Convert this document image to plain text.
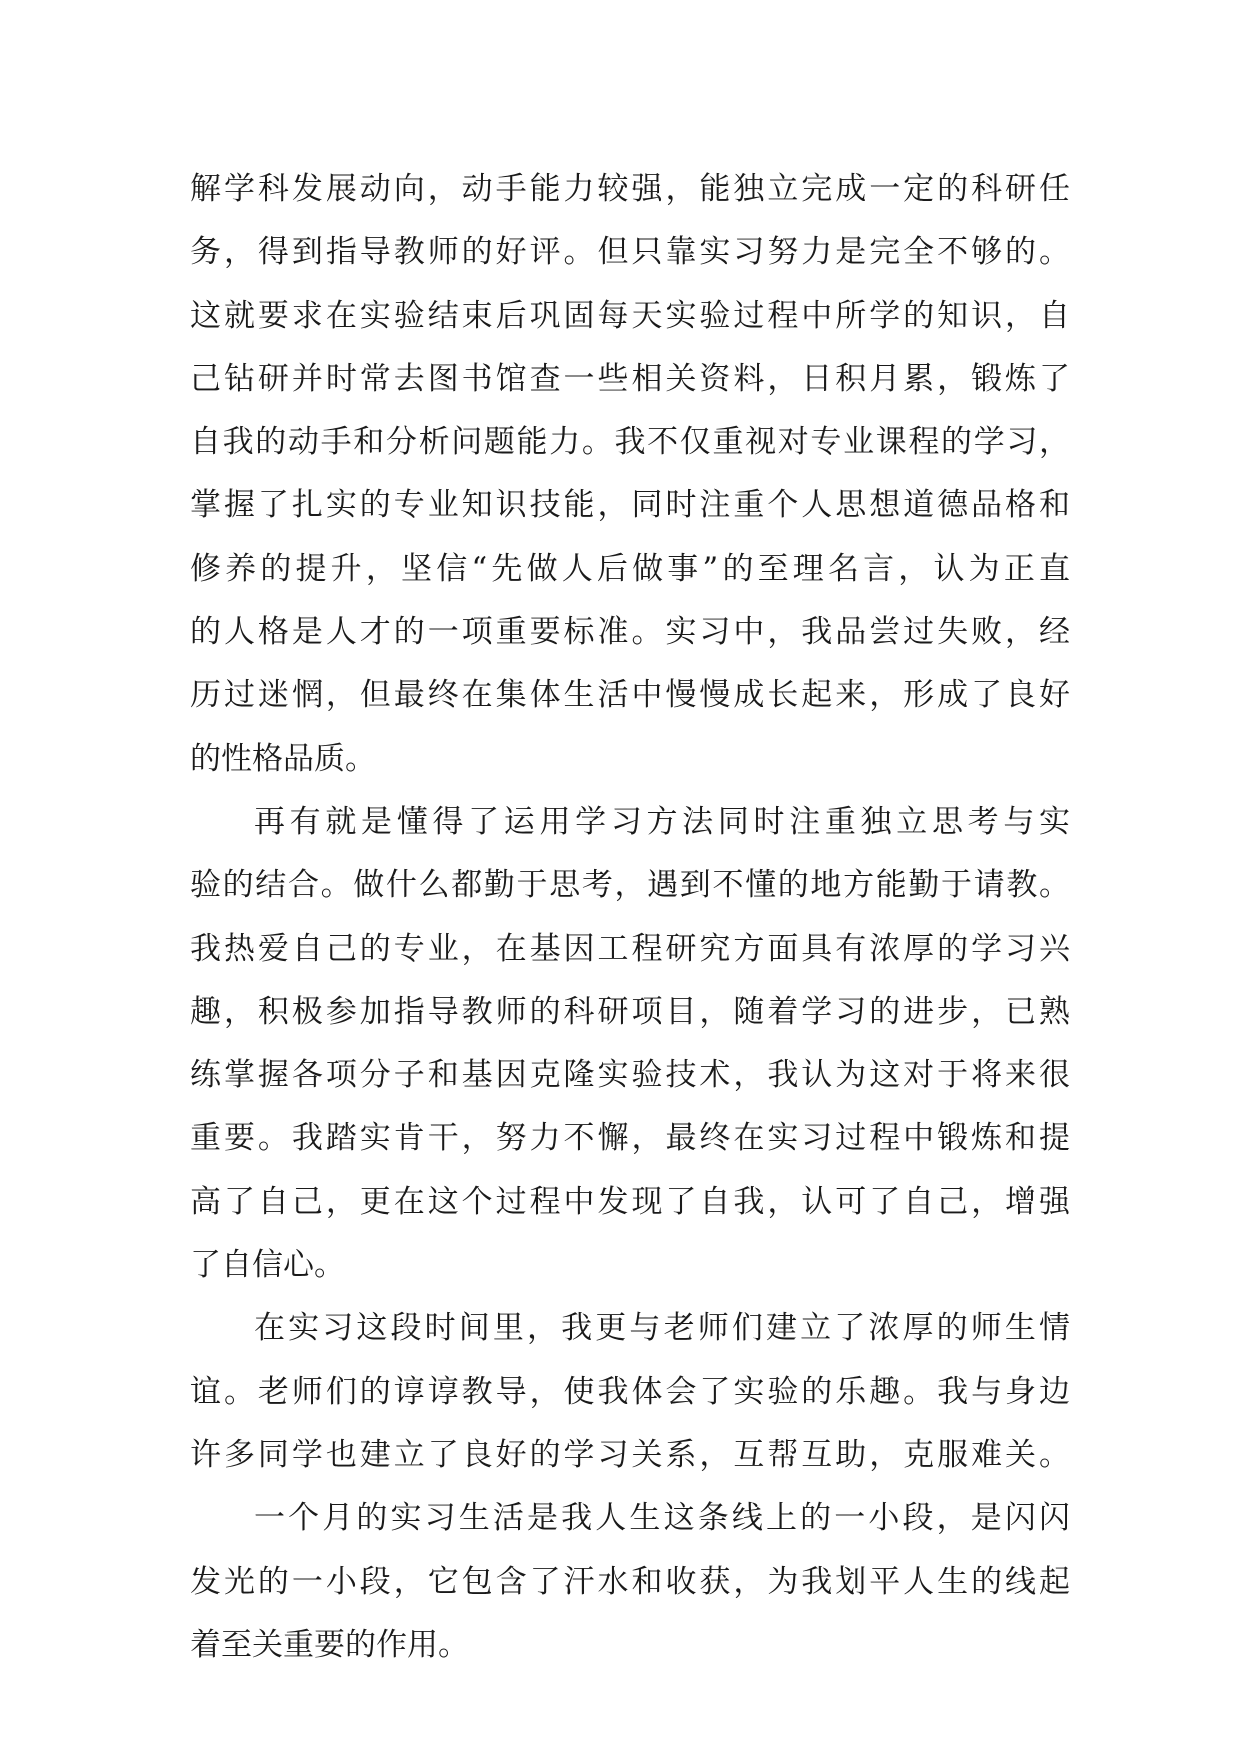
解学科发展动向，动手能力较强，能独立完成一定的科研任
务，得到指导教师的好评。但只靠实习努力是完全不够的。
这就要求在实验结束后巩固每天实验过程中所学的知识，自
己钻研并时常去图书馆查一些相关资料，日积月累，锻炼了
自我的动手和分析问题能力。我不仅重视对专业课程的学习，
掌握了扎实的专业知识技能，同时注重个人思想道德品格和
修养的提升，坚信“先做人后做事”的至理名言，认为正直
的人格是人才的一项重要标准。实习中，我品尝过失败，经
历过迷惘，但最终在集体生活中慢慢成长起来，形成了良好
的性格品质。
再有就是懂得了运用学习方法同时注重独立思考与实
验的结合。做什么都勤于思考，遇到不懂的地方能勤于请教。
我热爱自己的专业，在基因工程研究方面具有浓厚的学习兴
趣，积极参加指导教师的科研项目，随着学习的进步，已熟
练掌握各项分子和基因克隆实验技术，我认为这对于将来很
重要。我踏实肯干，努力不懈，最终在实习过程中锻炼和提
高了自己，更在这个过程中发现了自我，认可了自己，增强
了自信心。
在实习这段时间里，我更与老师们建立了浓厚的师生情
谊。老师们的谆谆教导，使我体会了实验的乐趣。我与身边
许多同学也建立了良好的学习关系，互帮互助，克服难关。
一个月的实习生活是我人生这条线上的一小段，是闪闪
发光的一小段，它包含了汗水和收获，为我划平人生的线起
着至关重要的作用。
